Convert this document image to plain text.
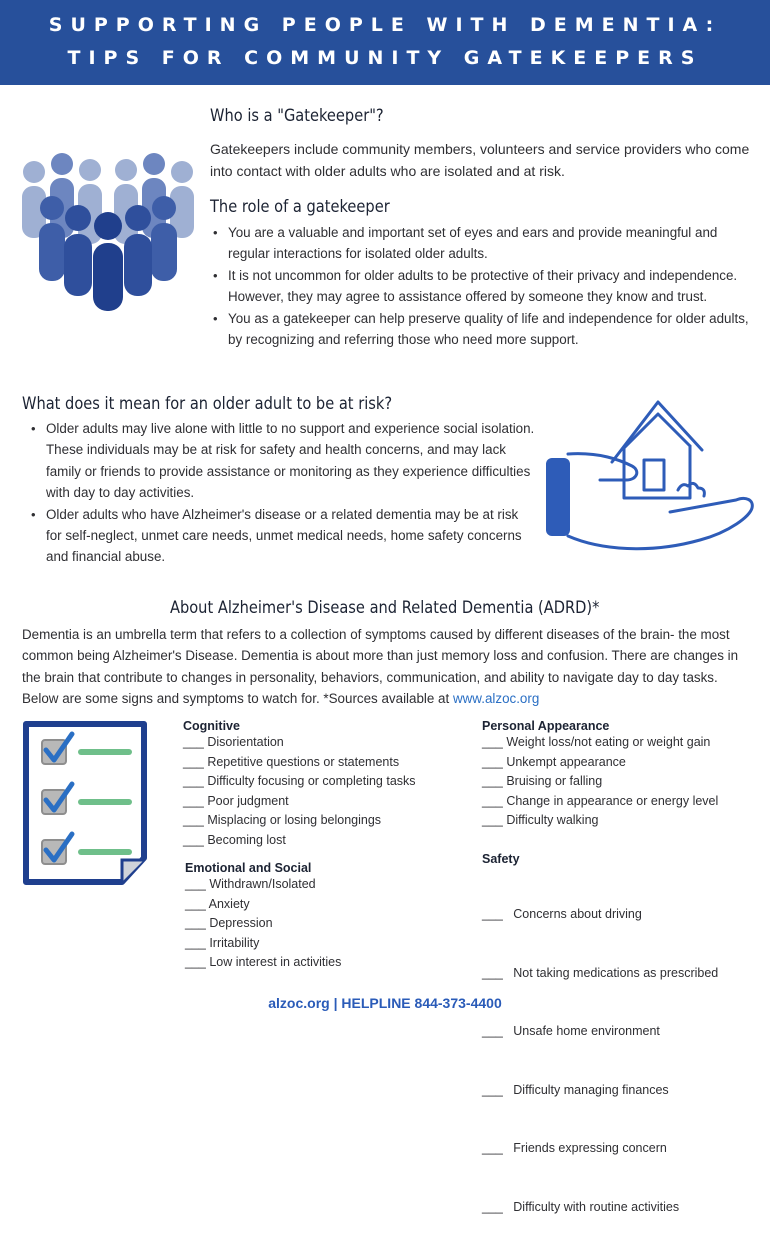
SUPPORTING PEOPLE WITH DEMENTIA:
TIPS FOR COMMUNITY GATEKEEPERS
Who is a "Gatekeeper"?
Gatekeepers include community members, volunteers and service providers who come into contact with older adults who are isolated and at risk.
The role of a gatekeeper
• You are a valuable and important set of eyes and ears and provide meaningful and regular interactions for isolated older adults.
• It is not uncommon for older adults to be protective of their privacy and independence. However, they may agree to assistance offered by someone they know and trust.
• You as a gatekeeper can help preserve quality of life and independence for older adults, by recognizing and referring those who need more support.
What does it mean for an older adult to be at risk?
• Older adults may live alone with little to no support and experience social isolation. These individuals may be at risk for safety and health concerns, and may lack family or friends to provide assistance or monitoring as they experience difficulties with day to day activities.
• Older adults who have Alzheimer's disease or a related dementia may be at risk for self-neglect, unmet care needs, unmet medical needs, home safety concerns and financial abuse.
About Alzheimer's Disease and Related Dementia (ADRD)*
Dementia is an umbrella term that refers to a collection of symptoms caused by different diseases of the brain- the most common being Alzheimer's Disease. Dementia is about more than just memory loss and confusion. There are changes in the brain that contribute to changes in personality, behaviors, communication, and ability to navigate day to day tasks. Below are some signs and symptoms to watch for. *Sources available at www.alzoc.org
Cognitive
___ Disorientation
___ Repetitive questions or statements
___ Difficulty focusing or completing tasks
___ Poor judgment
___ Misplacing or losing belongings
___ Becoming lost
Emotional and Social
___ Withdrawn/Isolated
___ Anxiety
___ Depression
___ Irritability
___ Low interest in activities
Personal Appearance
___ Weight loss/not eating or weight gain
___ Unkempt appearance
___ Bruising or falling
___ Change in appearance or energy level
___ Difficulty walking
Safety

___   Concerns about driving

___   Not taking medications as prescribed

___   Unsafe home environment

___   Difficulty managing finances

___   Friends expressing concern

___   Difficulty with routine activities

alzoc.org | HELPLINE 844-373-4400
